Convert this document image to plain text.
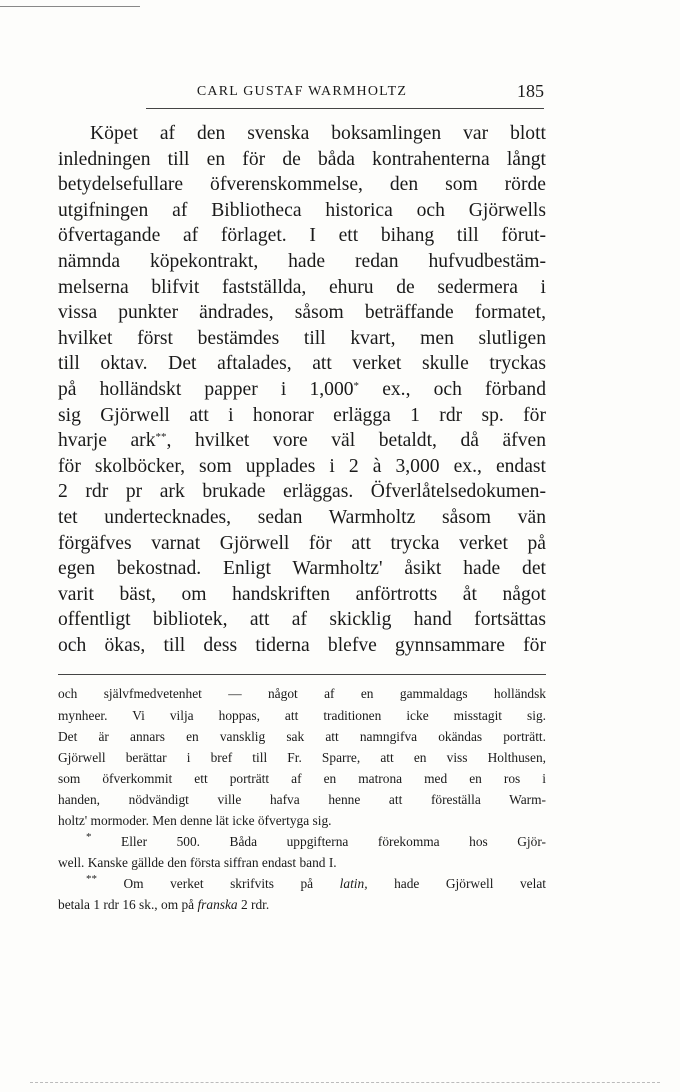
CARL GUSTAF WARMHOLTZ	185
Köpet af den svenska boksamlingen var blott
inledningen till en för de båda kontrahenterna långt
betydelsefullare öfverenskommelse, den som rörde
utgifningen af Bibliotheca historica och Gjörwells
öfvertagande af förlaget. I ett bihang till förut-
nämnda köpekontrakt, hade redan hufvudbestäm-
melserna blifvit fastställda, ehuru de sedermera i
vissa punkter ändrades, såsom beträffande formatet,
hvilket först bestämdes till kvart, men slutligen
till oktav. Det aftalades, att verket skulle tryckas
på holländskt papper i 1,000* ex., och förband
sig Gjörwell att i honorar erlägga 1 rdr sp. för
hvarje ark**, hvilket vore väl betaldt, då äfven
för skolböcker, som upplades i 2 à 3,000 ex., endast
2 rdr pr ark brukade erläggas. Öfverlåtelsedokumen-
tet undertecknades, sedan Warmholtz såsom vän
förgäfves varnat Gjörwell för att trycka verket på
egen bekostnad. Enligt Warmholtz' åsikt hade det
varit bäst, om handskriften anförtrotts åt något
offentligt bibliotek, att af skicklig hand fortsättas
och ökas, till dess tiderna blefve gynnsammare för
och självfmedvetenhet — något af en gammaldags holländsk
mynheer. Vi vilja hoppas, att traditionen icke misstagit sig.
Det är annars en vansklig sak att namngifva okändas porträtt.
Gjörwell berättar i bref till Fr. Sparre, att en viss Holthusen,
som öfverkommit ett porträtt af en matrona med en ros i
handen, nödvändigt ville hafva henne att föreställa Warm-
holtz' mormoder. Men denne lät icke öfvertyga sig.
* Eller 500. Båda uppgifterna förekomma hos Gjör-
well. Kanske gällde den första siffran endast band I.
** Om verket skrifvits på latin, hade Gjörwell velat
betala 1 rdr 16 sk., om på franska 2 rdr.
